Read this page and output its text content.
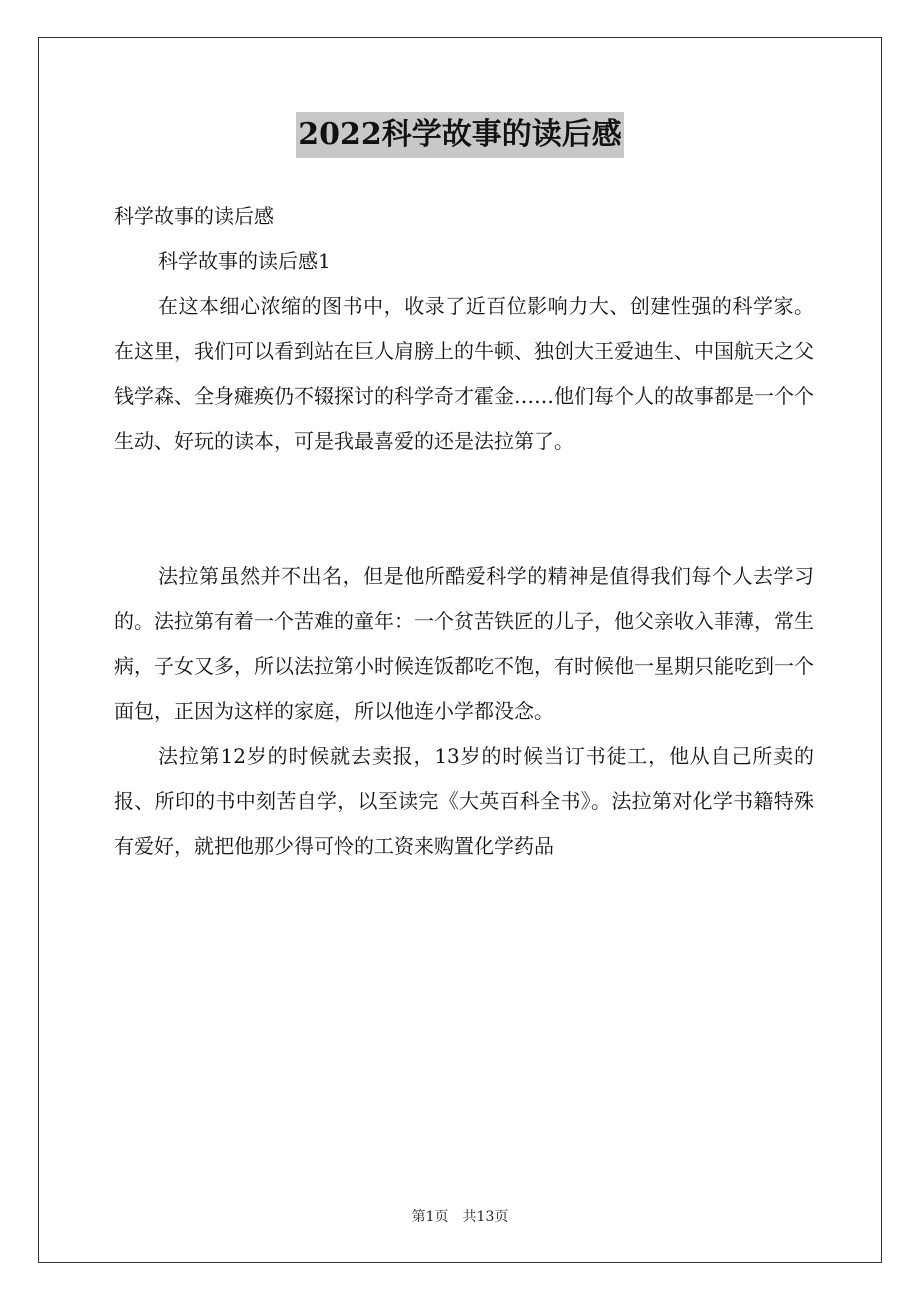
2022科学故事的读后感

科学故事的读后感

科学故事的读后感1

在这本细心浓缩的图书中，收录了近百位影响力大、创建性强的科学家。在这里，我们可以看到站在巨人肩膀上的牛顿、独创大王爱迪生、中国航天之父钱学森、全身瘫痪仍不辍探讨的科学奇才霍金……他们每个人的故事都是一个个生动、好玩的读本，可是我最喜爱的还是法拉第了。

法拉第虽然并不出名，但是他所酷爱科学的精神是值得我们每个人去学习的。法拉第有着一个苦难的童年：一个贫苦铁匠的儿子，他父亲收入菲薄，常生病，子女又多，所以法拉第小时候连饭都吃不饱，有时候他一星期只能吃到一个面包，正因为这样的家庭，所以他连小学都没念。

法拉第12岁的时候就去卖报，13岁的时候当订书徒工，他从自己所卖的报、所印的书中刻苦自学，以至读完《大英百科全书》。法拉第对化学书籍特殊有爱好，就把他那少得可怜的工资来购置化学药品

第1页 共13页
